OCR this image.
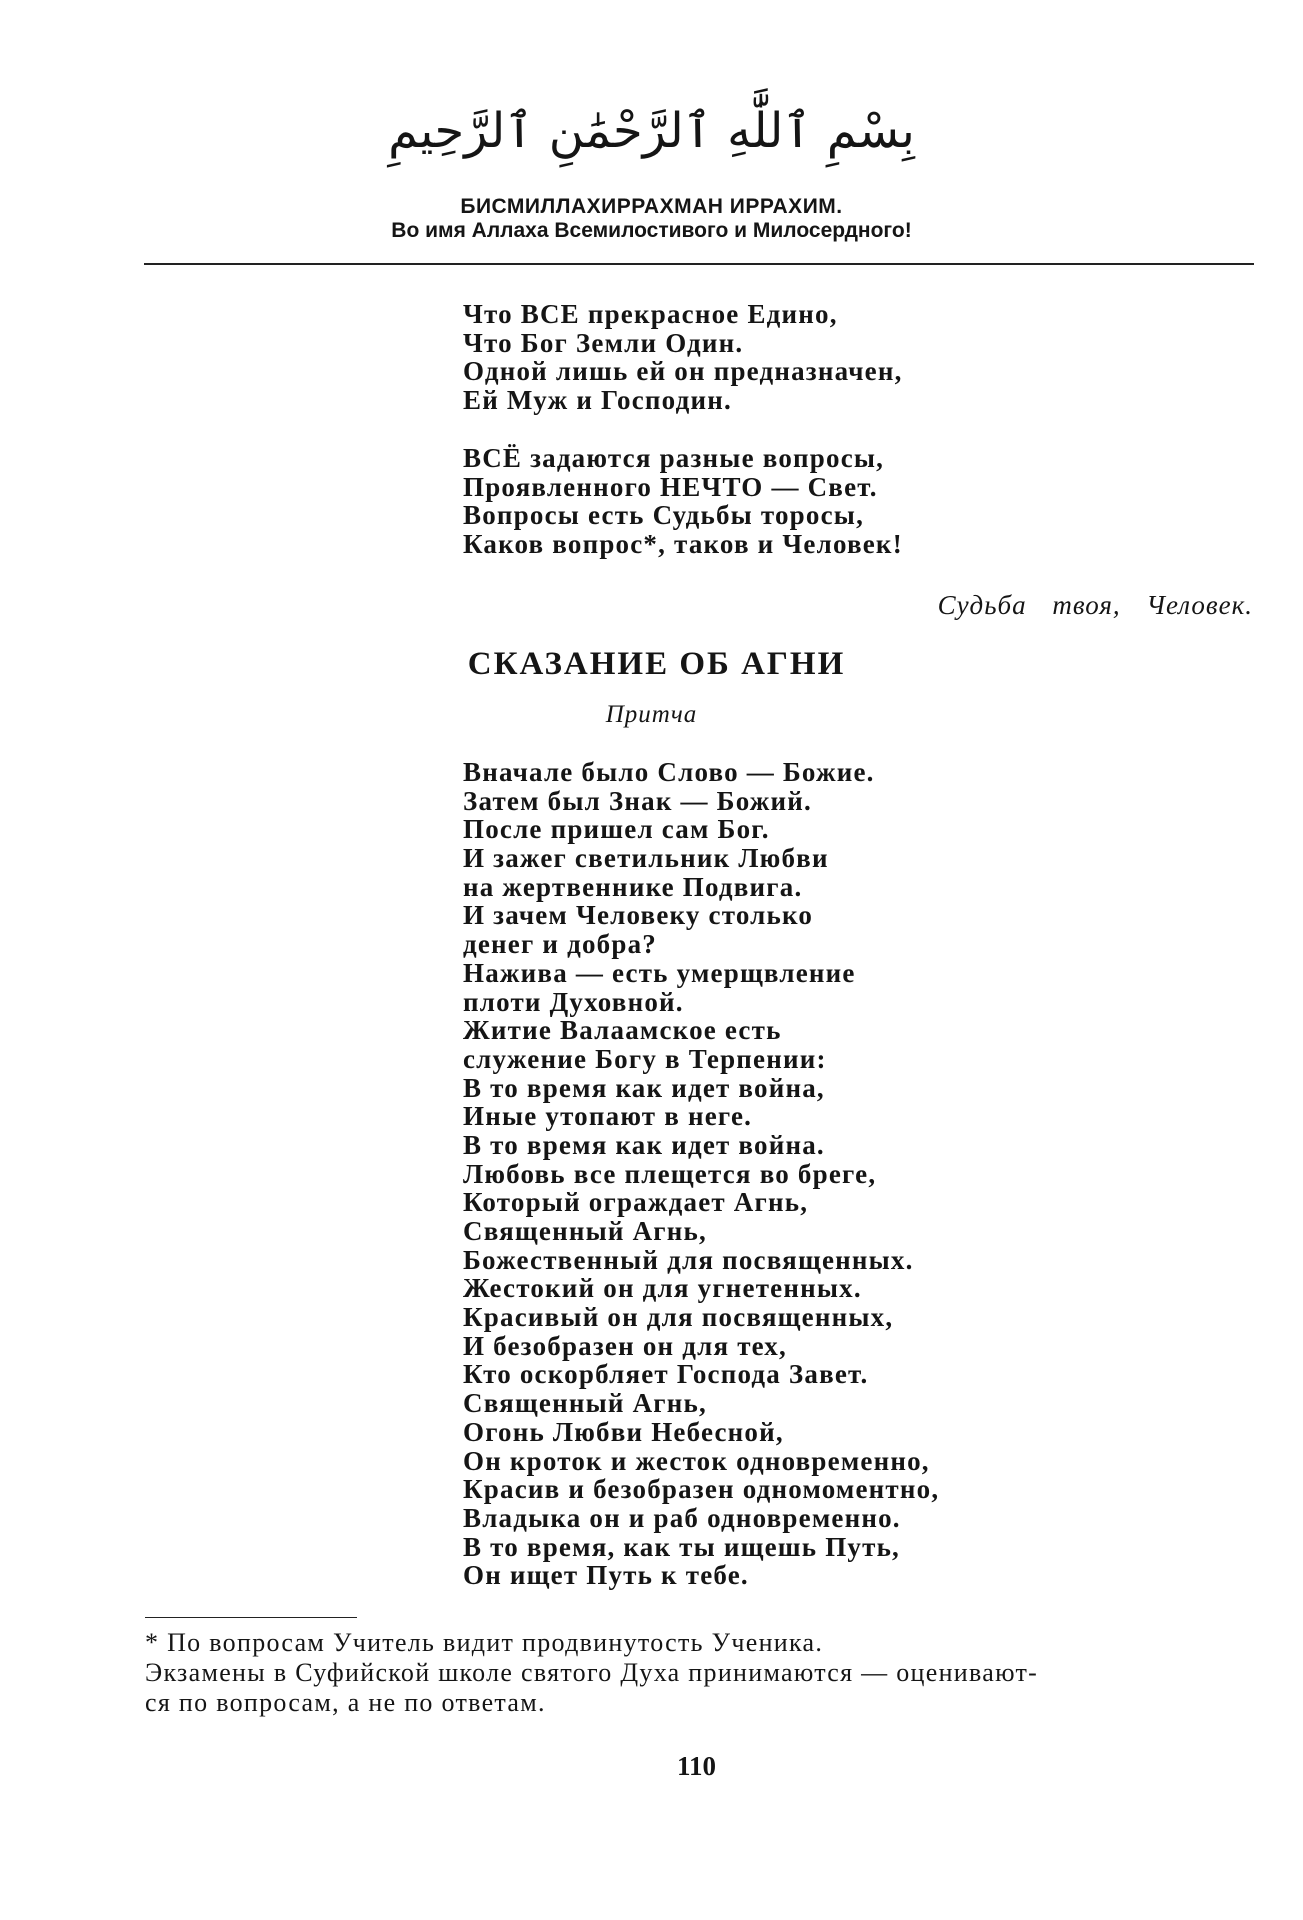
بِسْمِ ٱللَّٰهِ ٱلرَّحْمَٰنِ ٱلرَّحِيمِ
БИСМИЛЛАХИРРАХМАН ИРРАХИМ.
Во имя Аллаха Всемилостивого и Милосердного!
Что ВСЕ прекрасное Едино,
Что Бог Земли Один.
Одной лишь ей он предназначен,
Ей Муж и Господин.
ВСЁ задаются разные вопросы,
Проявленного НЕЧТО — Свет.
Вопросы есть Судьбы торосы,
Каков вопрос*, таков и Человек!
Судьба твоя, Человек.
СКАЗАНИЕ ОБ АГНИ
Притча
Вначале было Слово — Божие.
Затем был Знак — Божий.
После пришел сам Бог.
И зажег светильник Любви
на жертвеннике Подвига.
И зачем Человеку столько
денег и добра?
Нажива — есть умерщвление
плоти Духовной.
Житие Валаамское есть
служение Богу в Терпении:
В то время как идет война,
Иные утопают в неге.
В то время как идет война.
Любовь все плещется во бреге,
Который ограждает Агнь,
Священный Агнь,
Божественный для посвященных.
Жестокий он для угнетенных.
Красивый он для посвященных,
И безобразен он для тех,
Кто оскорбляет Господа Завет.
Священный Агнь,
Огонь Любви Небесной,
Он кроток и жесток одновременно,
Красив и безобразен одномоментно,
Владыка он и раб одновременно.
В то время, как ты ищешь Путь,
Он ищет Путь к тебе.
* По вопросам Учитель видит продвинутость Ученика.
Экзамены в Суфийской школе святого Духа принимаются — оценивают-
ся по вопросам, а не по ответам.
110
